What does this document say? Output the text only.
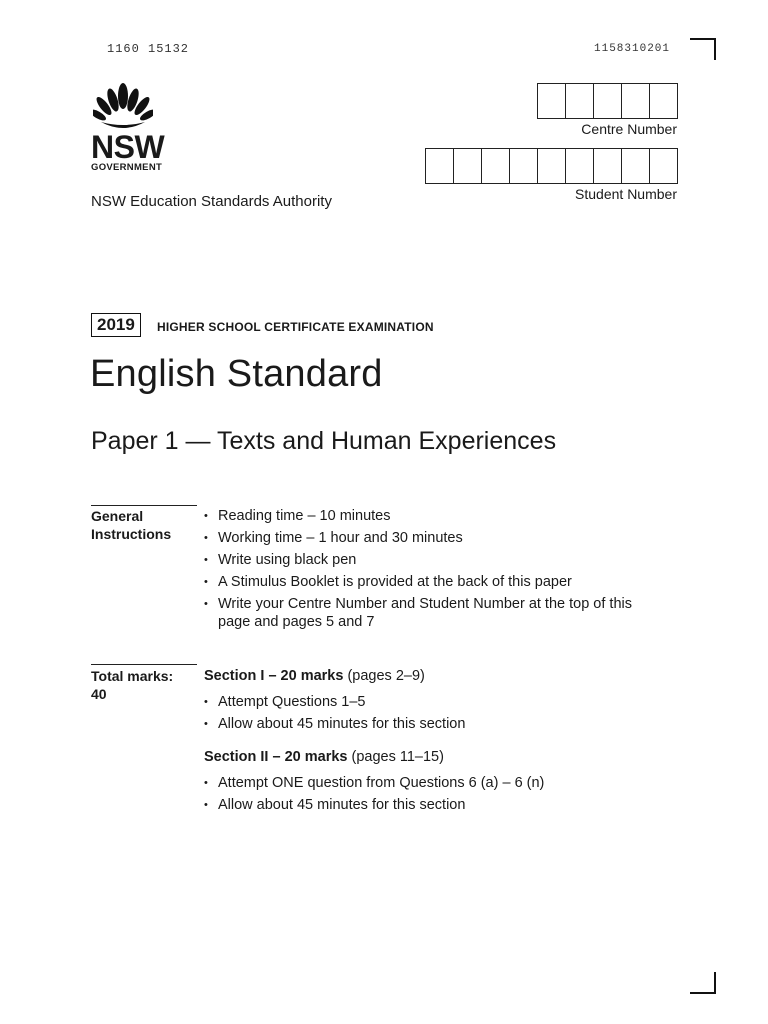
1160 15132	1158310201
NSW
GOVERNMENT
NSW Education Standards Authority
Centre Number
Student Number
2019	HIGHER SCHOOL CERTIFICATE EXAMINATION
English Standard
Paper 1 — Texts and Human Experiences
General
Instructions
• Reading time – 10 minutes
• Working time – 1 hour and 30 minutes
• Write using black pen
• A Stimulus Booklet is provided at the back of this paper
• Write your Centre Number and Student Number at the top of this page and pages 5 and 7
Total marks:
40
Section I – 20 marks (pages 2–9)
• Attempt Questions 1–5
• Allow about 45 minutes for this section
Section II – 20 marks (pages 11–15)
• Attempt ONE question from Questions 6 (a) – 6 (n)
• Allow about 45 minutes for this section
